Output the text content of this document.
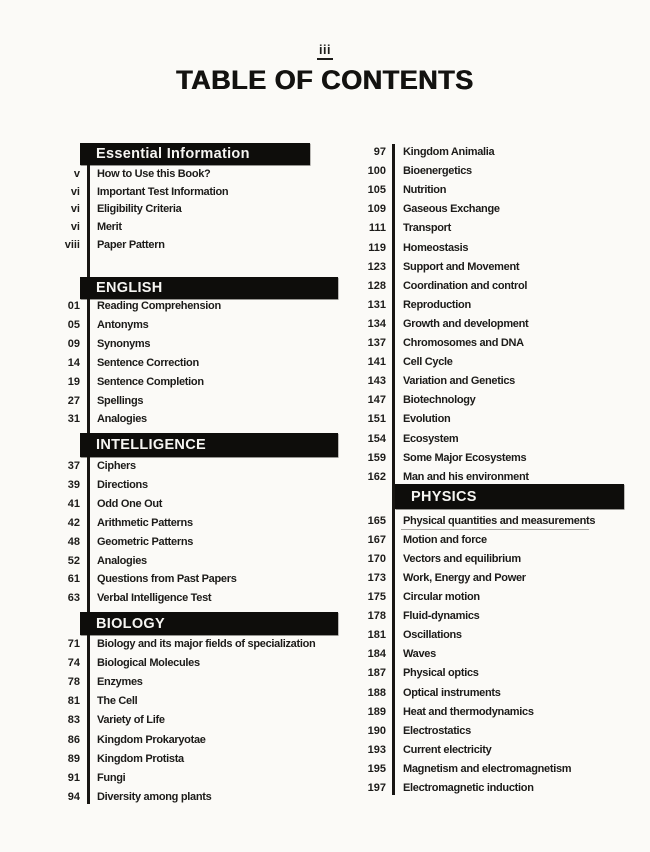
iii
TABLE OF CONTENTS
Essential Information
v	How to Use this Book?
vi	Important Test Information
vi	Eligibility Criteria
vi	Merit
viii	Paper Pattern
ENGLISH
01	Reading Comprehension
05	Antonyms
09	Synonyms
14	Sentence Correction
19	Sentence Completion
27	Spellings
31	Analogies
INTELLIGENCE
37	Ciphers
39	Directions
41	Odd One Out
42	Arithmetic Patterns
48	Geometric Patterns
52	Analogies
61	Questions from Past Papers
63	Verbal Intelligence Test
BIOLOGY
71	Biology and its major fields of specialization
74	Biological Molecules
78	Enzymes
81	The Cell
83	Variety of Life
86	Kingdom Prokaryotae
89	Kingdom Protista
91	Fungi
94	Diversity among plants
97	Kingdom Animalia
100	Bioenergetics
105	Nutrition
109	Gaseous Exchange
111	Transport
119	Homeostasis
123	Support and Movement
128	Coordination and control
131	Reproduction
134	Growth and development
137	Chromosomes and DNA
141	Cell Cycle
143	Variation and Genetics
147	Biotechnology
151	Evolution
154	Ecosystem
159	Some Major Ecosystems
162	Man and his environment
PHYSICS
165	Physical quantities and measurements
167	Motion and force
170	Vectors and equilibrium
173	Work, Energy and Power
175	Circular motion
178	Fluid-dynamics
181	Oscillations
184	Waves
187	Physical optics
188	Optical instruments
189	Heat and thermodynamics
190	Electrostatics
193	Current electricity
195	Magnetism and electromagnetism
197	Electromagnetic induction
